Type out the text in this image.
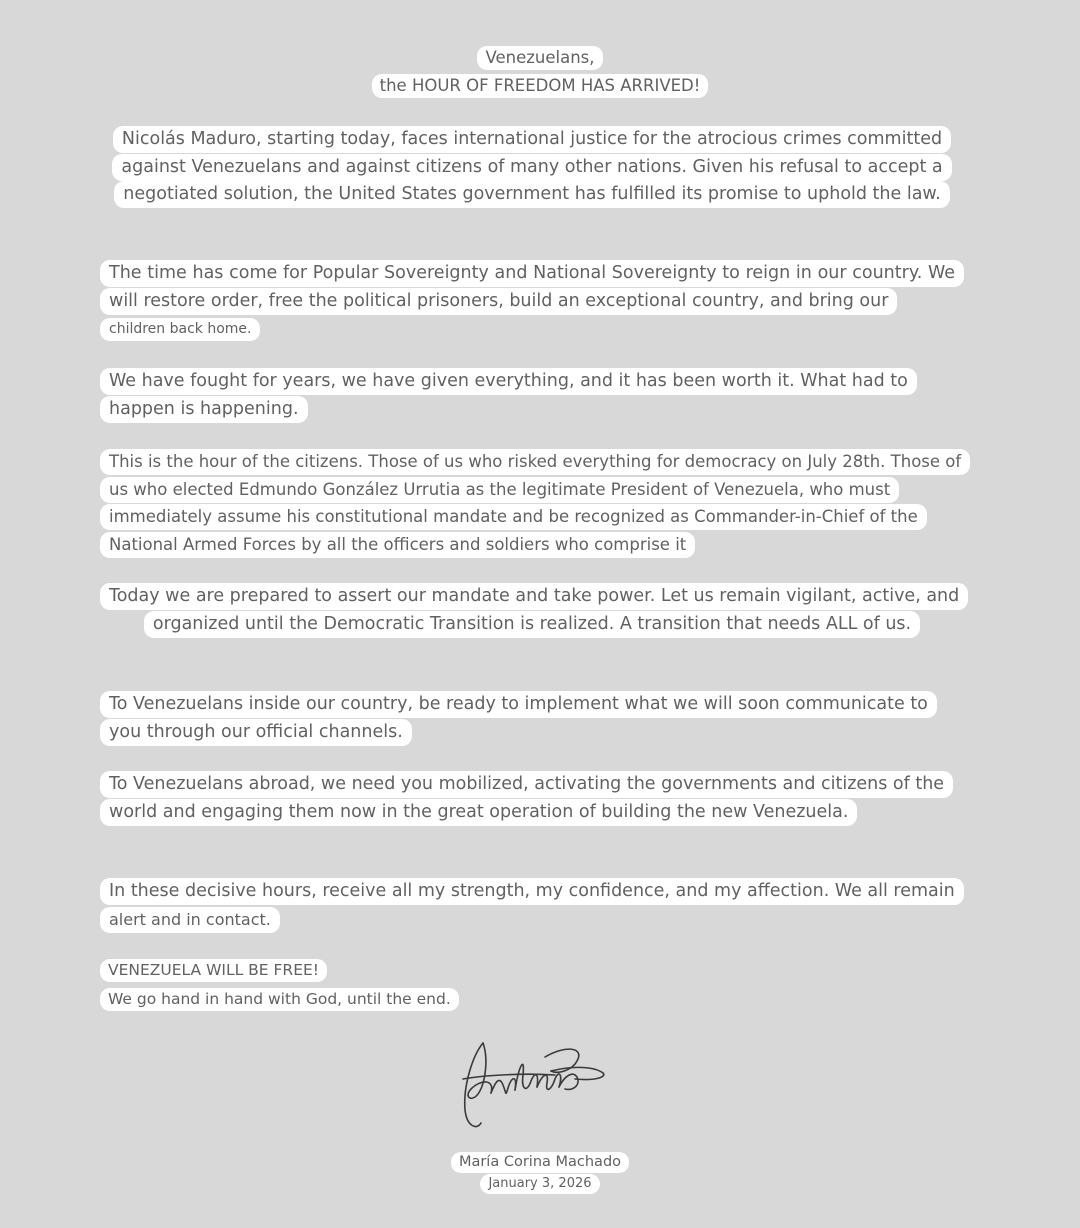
Venezuelans,
the HOUR OF FREEDOM HAS ARRIVED!
Nicolás Maduro, starting today, faces international justice for the atrocious crimes committed against Venezuelans and against citizens of many other nations. Given his refusal to accept a negotiated solution, the United States government has fulfilled its promise to uphold the law.
The time has come for Popular Sovereignty and National Sovereignty to reign in our country. We will restore order, free the political prisoners, build an exceptional country, and bring our
children back home.
We have fought for years, we have given everything, and it has been worth it. What had to happen is happening.
This is the hour of the citizens. Those of us who risked everything for democracy on July 28th. Those of us who elected Edmundo González Urrutia as the legitimate President of Venezuela, who must immediately assume his constitutional mandate and be recognized as Commander-in-Chief of the National Armed Forces by all the officers and soldiers who comprise it
Today we are prepared to assert our mandate and take power. Let us remain vigilant, active, and organized until the Democratic Transition is realized. A transition that needs ALL of us.
To Venezuelans inside our country, be ready to implement what we will soon communicate to you through our official channels.
To Venezuelans abroad, we need you mobilized, activating the governments and citizens of the world and engaging them now in the great operation of building the new Venezuela.
In these decisive hours, receive all my strength, my confidence, and my affection. We all remain
alert and in contact.
VENEZUELA WILL BE FREE!
We go hand in hand with God, until the end.
María Corina Machado
January 3, 2026
